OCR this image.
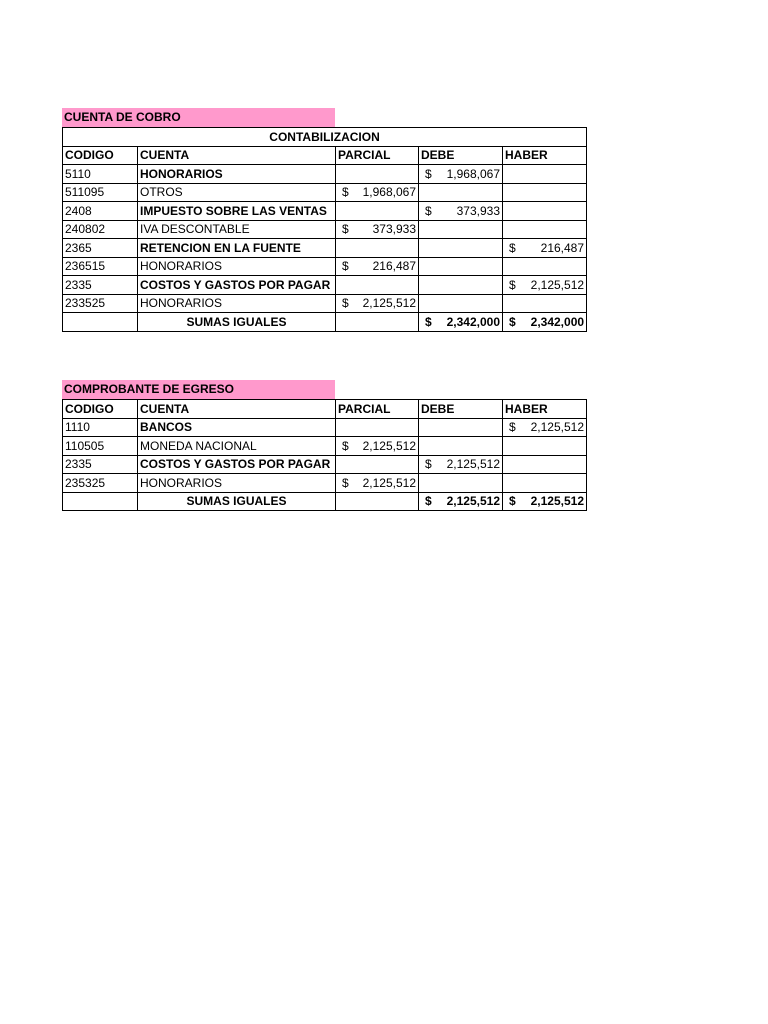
CUENTA DE COBRO
CONTABILIZACION				
CODIGO	CUENTA	PARCIAL	DEBE	HABER
5110	HONORARIOS		$ 1,968,067	

511095	OTROS	$ 1,968,067		

2408	IMPUESTO SOBRE LAS VENTAS		$ 373,933	

240802	IVA DESCONTABLE	$ 373,933		

2365	RETENCION EN LA FUENTE			$ 216,487

236515	HONORARIOS	$ 216,487		

2335	COSTOS Y GASTOS POR PAGAR			$ 2,125,512

233525	HONORARIOS	$ 2,125,512		

	SUMAS IGUALES		$ 2,342,000	$ 2,342,000
COMPROBANTE DE EGRESO
CODIGO	CUENTA	PARCIAL	DEBE	HABER
1110	BANCOS			$ 2,125,512

110505	MONEDA NACIONAL	$ 2,125,512		

2335	COSTOS Y GASTOS POR PAGAR		$ 2,125,512	

235325	HONORARIOS	$ 2,125,512		

	SUMAS IGUALES		$ 2,125,512	$ 2,125,512
